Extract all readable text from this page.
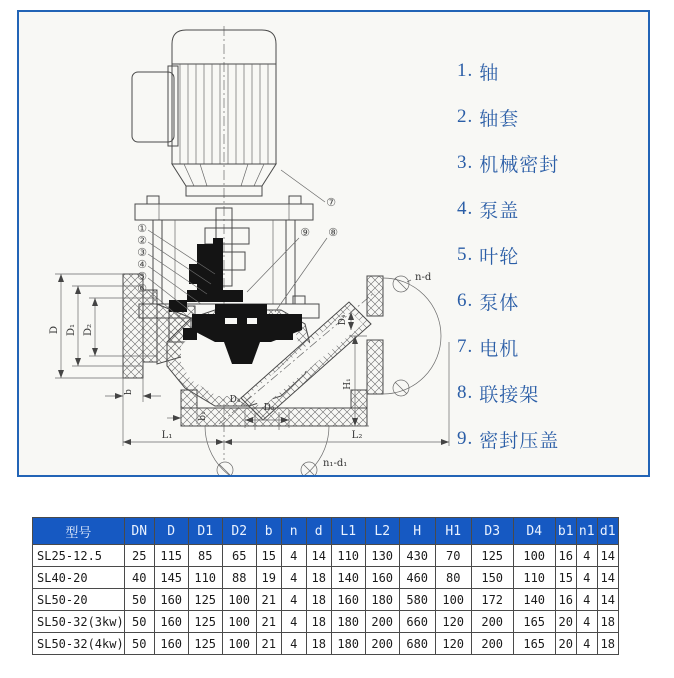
D D₁ D₂
b
b₁
L₁	L₂
D₄
D₃
H₁
D₄
n-d
n₁-d₁
①
②
③
④
⑤
⑥
⑦
⑧
⑨
1. 轴
2. 轴套
3. 机械密封
4. 泵盖
5. 叶轮
6. 泵体
7. 电机
8. 联接架
9. 密封压盖
型号	DN	D	D1	D2	b	n	d	L1	L2	H	H1	D3	D4	b1	n1	d1
SL25-12.5	25	115	85	65	15	4	14	110	130	430	70	125	100	16	4	14
SL40-20	40	145	110	88	19	4	18	140	160	460	80	150	110	15	4	14
SL50-20	50	160	125	100	21	4	18	160	180	580	100	172	140	16	4	14
SL50-32(3kw)	50	160	125	100	21	4	18	180	200	660	120	200	165	20	4	18
SL50-32(4kw)	50	160	125	100	21	4	18	180	200	680	120	200	165	20	4	18
